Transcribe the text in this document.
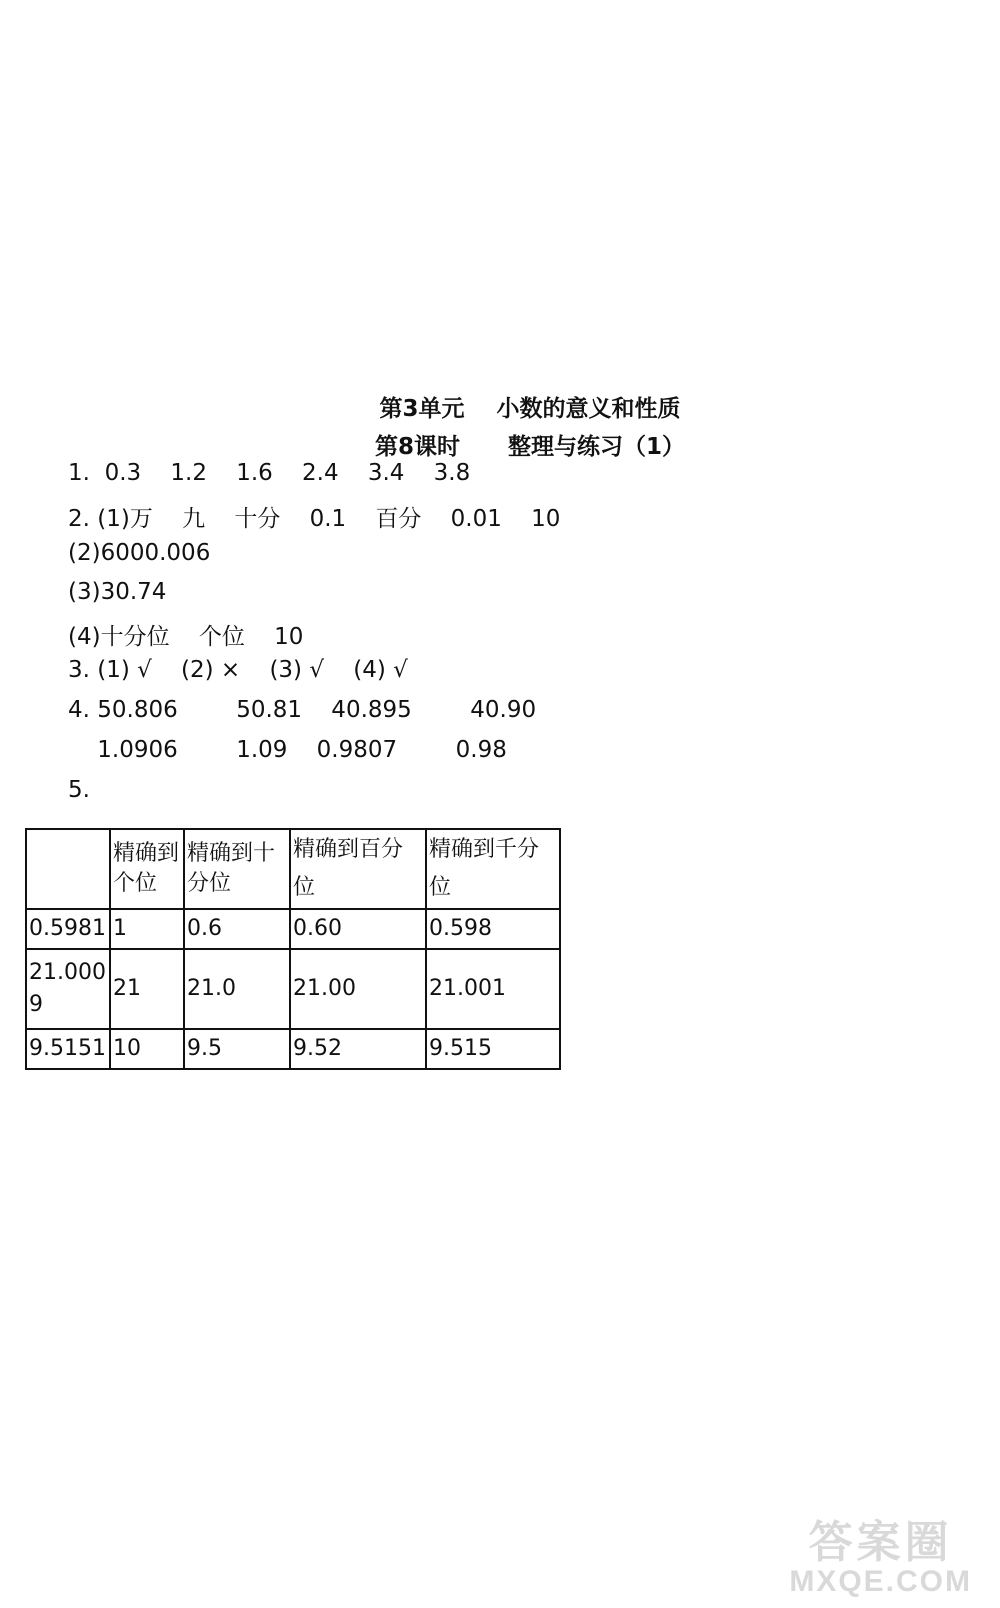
第3单元    小数的意义和性质
第8课时      整理与练习（1）
1.  0.3    1.2    1.6    2.4    3.4    3.8
2. (1)万    九    十分    0.1    百分    0.01    10
(2)6000.006
(3)30.74
(4)十分位    个位    10
3. (1) √    (2) ×    (3) √    (4) √
4. 50.806        50.81    40.895        40.90
1.0906        1.09    0.9807        0.98
5.
	精确到个位	精确到十分位	精确到百分位	精确到千分位
0.5981	1	0.6	0.60	0.598
21.0009	21	21.0	21.00	21.001
9.5151	10	9.5	9.52	9.515
答案圈
MXQE.COM
